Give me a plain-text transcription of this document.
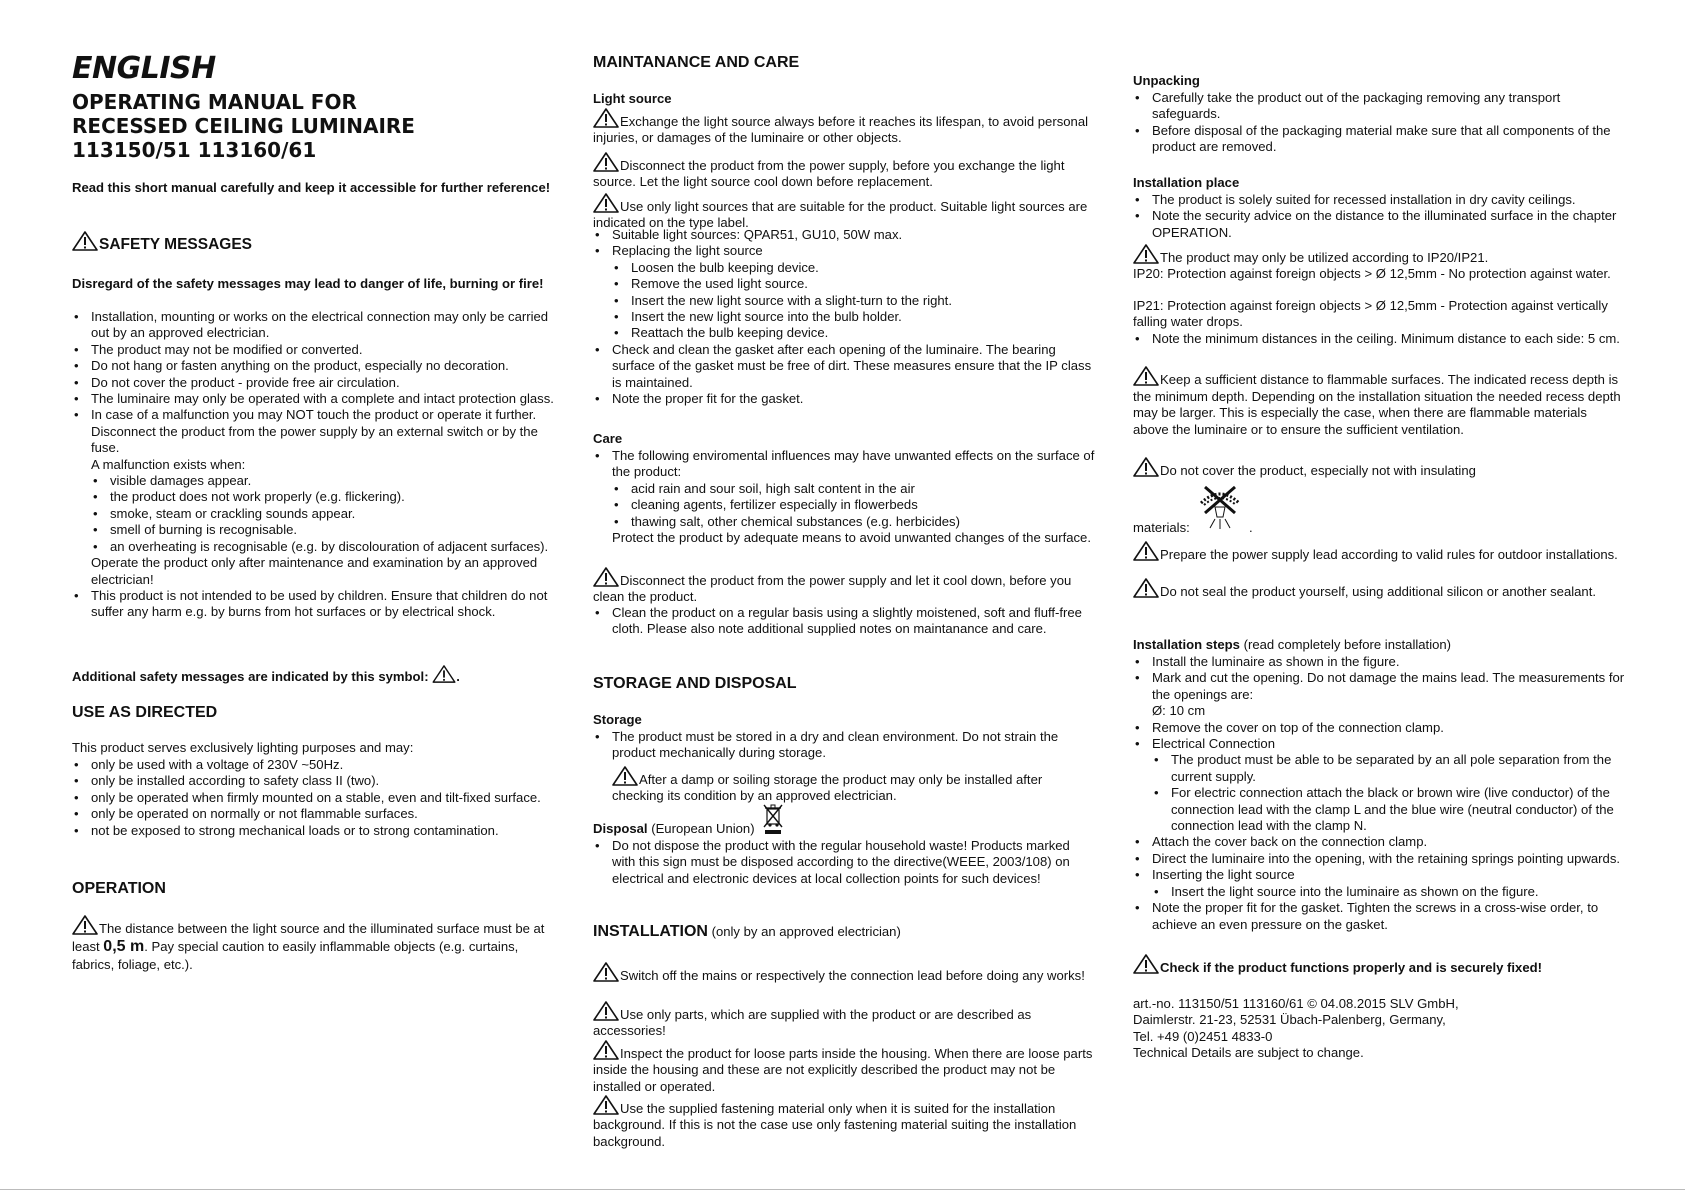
ENGLISH
OPERATING MANUAL FOR
RECESSED CEILING LUMINAIRE
113150/51 113160/61

Read this short manual carefully and keep it accessible for further reference!

SAFETY MESSAGES

Disregard of the safety messages may lead to danger of life, burning or fire!

• Installation, mounting or works on the electrical connection may only be carried out by an approved electrician.
• The product may not be modified or converted.
• Do not hang or fasten anything on the product, especially no decoration.
• Do not cover the product - provide free air circulation.
• The luminaire may only be operated with a complete and intact protection glass.
• In case of a malfunction you may NOT touch the product or operate it further. Disconnect the product from the power supply by an external switch or by the fuse.
A malfunction exists when:
• visible damages appear.
• the product does not work properly (e.g. flickering).
• smoke, steam or crackling sounds appear.
• smell of burning is recognisable.
• an overheating is recognisable (e.g. by discolouration of adjacent surfaces).
Operate the product only after maintenance and examination by an approved electrician!
• This product is not intended to be used by children. Ensure that children do not suffer any harm e.g. by burns from hot surfaces or by electrical shock.

Additional safety messages are indicated by this symbol: .

USE AS DIRECTED

This product serves exclusively lighting purposes and may:

• only be used with a voltage of 230V ~50Hz.
• only be installed according to safety class II (two).
• only be operated when firmly mounted on a stable, even and tilt-fixed surface.
• only be operated on normally or not flammable surfaces.
• not be exposed to strong mechanical loads or to strong contamination.

OPERATION

The distance between the light source and the illuminated surface must be at least 0,5 m. Pay special caution to easily inflammable objects (e.g. curtains, fabrics, foliage, etc.).

MAINTANANCE AND CARE

Light source

Exchange the light source always before it reaches its lifespan, to avoid personal injuries, or damages of the luminaire or other objects.

Disconnect the product from the power supply, before you exchange the light source. Let the light source cool down before replacement.

Use only light sources that are suitable for the product. Suitable light sources are indicated on the type label.

• Suitable light sources: QPAR51, GU10, 50W max.
• Replacing the light source
• Loosen the bulb keeping device.
• Remove the used light source.
• Insert the new light source with a slight-turn to the right.
• Insert the new light source into the bulb holder.
• Reattach the bulb keeping device.
• Check and clean the gasket after each opening of the luminaire. The bearing surface of the gasket must be free of dirt. These measures ensure that the IP class is maintained.
• Note the proper fit for the gasket.

Care

• The following enviromental influences may have unwanted effects on the surface of the product:
• acid rain and sour soil, high salt content in the air
• cleaning agents, fertilizer especially in flowerbeds
• thawing salt, other chemical substances (e.g. herbicides)
Protect the product by adequate means to avoid unwanted changes of the surface.

Disconnect the product from the power supply and let it cool down, before you clean the product.

• Clean the product on a regular basis using a slightly moistened, soft and fluff-free cloth. Please also note additional supplied notes on maintanance and care.

STORAGE AND DISPOSAL

Storage

• The product must be stored in a dry and clean environment. Do not strain the product mechanically during storage.

After a damp or soiling storage the product may only be installed after checking its condition by an approved electrician.

Disposal (European Union)

• Do not dispose the product with the regular household waste! Products marked with this sign must be disposed according to the directive(WEEE, 2003/108) on electrical and electronic devices at local collection points for such devices!

INSTALLATION (only by an approved electrician)

Switch off the mains or respectively the connection lead before doing any works!

Use only parts, which are supplied with the product or are described as accessories!

Inspect the product for loose parts inside the housing. When there are loose parts inside the housing and these are not explicitly described the product may not be installed or operated.

Use the supplied fastening material only when it is suited for the installation background. If this is not the case use only fastening material suiting the installation background.

Unpacking

• Carefully take the product out of the packaging removing any transport safeguards.
• Before disposal of the packaging material make sure that all components of the product are removed.

Installation place

• The product is solely suited for recessed installation in dry cavity ceilings.
• Note the security advice on the distance to the illuminated surface in the chapter OPERATION.

The product may only be utilized according to IP20/IP21.

IP20: Protection against foreign objects > Ø 12,5mm - No protection against water.

IP21: Protection against foreign objects > Ø 12,5mm - Protection against vertically falling water drops.

• Note the minimum distances in the ceiling. Minimum distance to each side: 5 cm.

Keep a sufficient distance to flammable surfaces. The indicated recess depth is the minimum depth. Depending on the installation situation the needed recess depth may be larger. This is especially the case, when there are flammable materials above the luminaire or to ensure the sufficient ventilation.

Do not cover the product, especially not with insulating

materials:	.

Prepare the power supply lead according to valid rules for outdoor installations.

Do not seal the product yourself, using additional silicon or another sealant.

Installation steps (read completely before installation)

• Install the luminaire as shown in the figure.
• Mark and cut the opening. Do not damage the mains lead. The measurements for the openings are:
Ø: 10 cm
• Remove the cover on top of the connection clamp.
• Electrical Connection
• The product must be able to be separated by an all pole separation from the current supply.
• For electric connection attach the black or brown wire (live conductor) of the connection lead with the clamp L and the blue wire (neutral conductor) of the connection lead with the clamp N.
• Attach the cover back on the connection clamp.
• Direct the luminaire into the opening, with the retaining springs pointing upwards.
• Inserting the light source
• Insert the light source into the luminaire as shown on the figure.
• Note the proper fit for the gasket. Tighten the screws in a cross-wise order, to achieve an even pressure on the gasket.

Check if the product functions properly and is securely fixed!

art.-no. 113150/51 113160/61 © 04.08.2015 SLV GmbH,
Daimlerstr. 21-23, 52531 Übach-Palenberg, Germany,
Tel. +49 (0)2451 4833-0
Technical Details are subject to change.
